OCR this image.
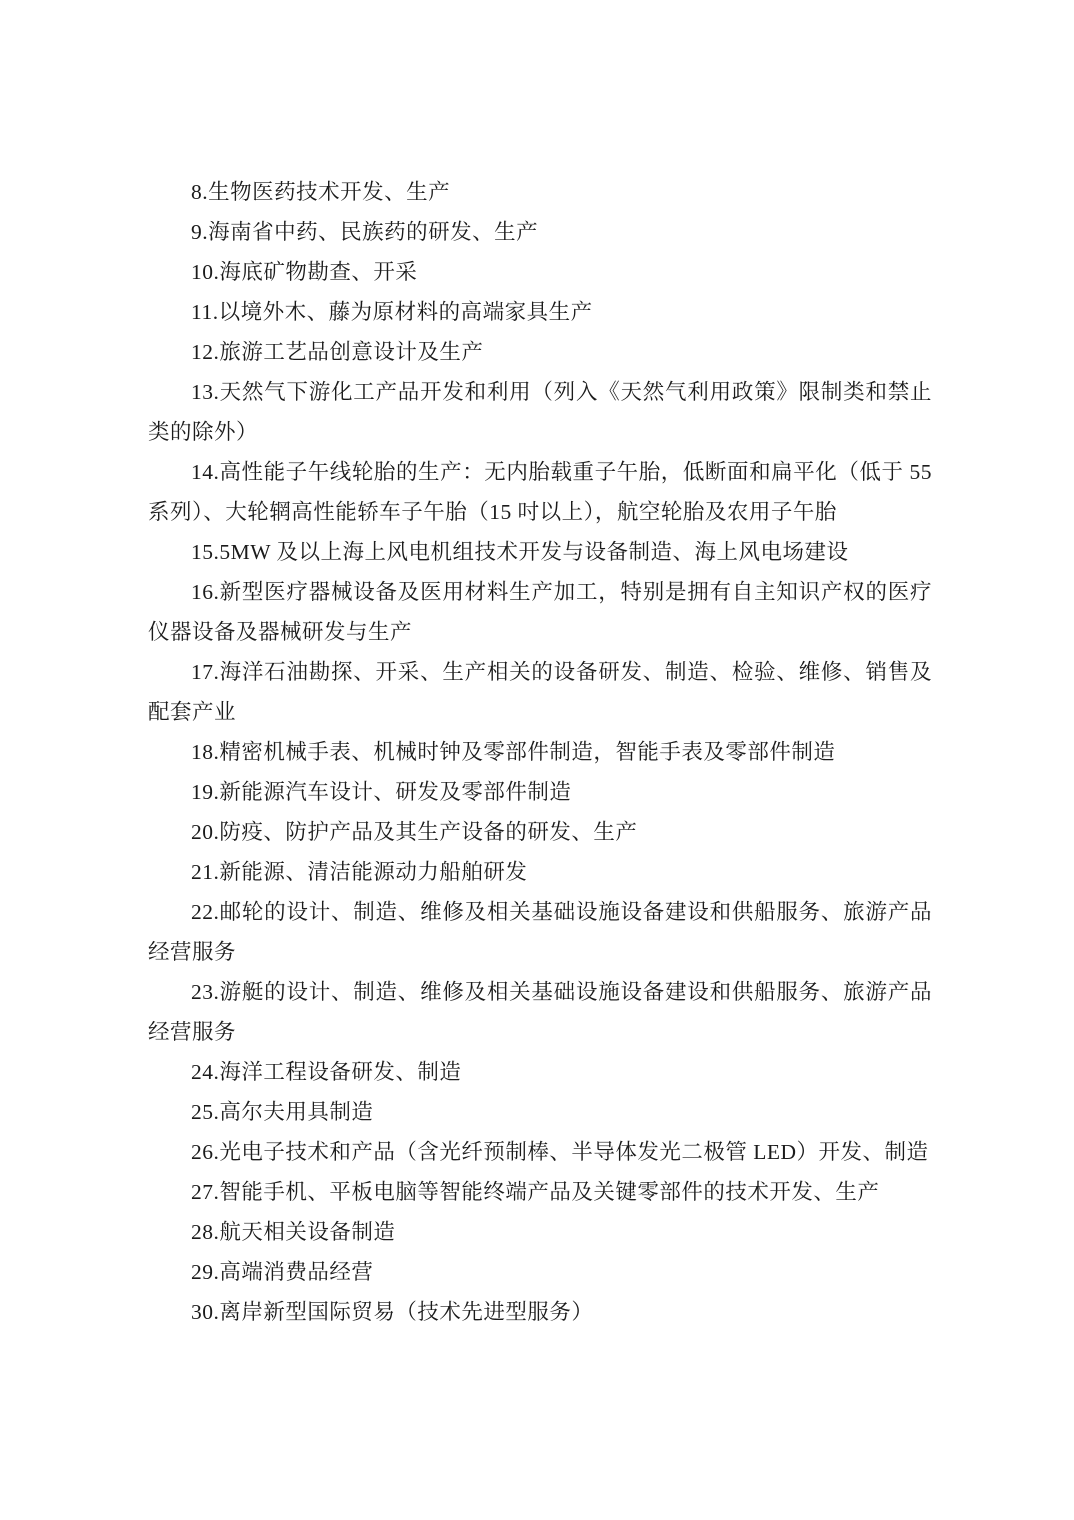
8.生物医药技术开发、生产

9.海南省中药、民族药的研发、生产

10.海底矿物勘查、开采

11.以境外木、藤为原材料的高端家具生产

12.旅游工艺品创意设计及生产

13.天然气下游化工产品开发和利用（列入《天然气利用政策》限制类和禁止类的除外）

14.高性能子午线轮胎的生产：无内胎载重子午胎，低断面和扁平化（低于 55 系列）、大轮辋高性能轿车子午胎（15 吋以上），航空轮胎及农用子午胎

15.5MW 及以上海上风电机组技术开发与设备制造、海上风电场建设

16.新型医疗器械设备及医用材料生产加工，特别是拥有自主知识产权的医疗仪器设备及器械研发与生产

17.海洋石油勘探、开采、生产相关的设备研发、制造、检验、维修、销售及配套产业

18.精密机械手表、机械时钟及零部件制造，智能手表及零部件制造

19.新能源汽车设计、研发及零部件制造

20.防疫、防护产品及其生产设备的研发、生产

21.新能源、清洁能源动力船舶研发

22.邮轮的设计、制造、维修及相关基础设施设备建设和供船服务、旅游产品经营服务

23.游艇的设计、制造、维修及相关基础设施设备建设和供船服务、旅游产品经营服务

24.海洋工程设备研发、制造

25.高尔夫用具制造

26.光电子技术和产品（含光纤预制棒、半导体发光二极管 LED）开发、制造

27.智能手机、平板电脑等智能终端产品及关键零部件的技术开发、生产

28.航天相关设备制造

29.高端消费品经营

30.离岸新型国际贸易（技术先进型服务）
